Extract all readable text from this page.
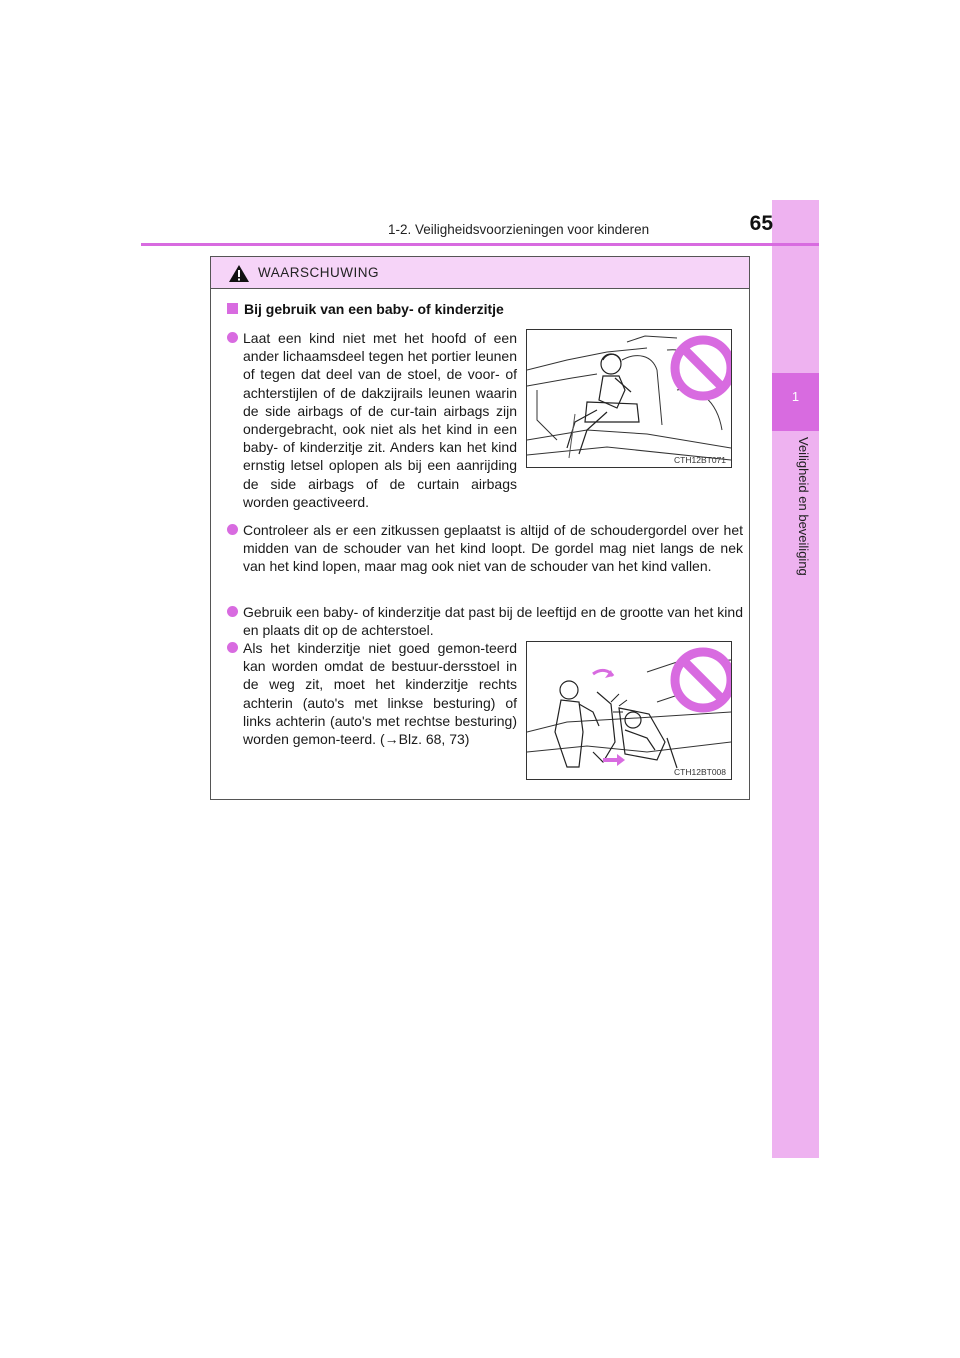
1
Veiligheid en beveiliging
1-2. Veiligheidsvoorzieningen voor kinderen	65
WAARSCHUWING
Bij gebruik van een baby- of kinderzitje
Laat een kind niet met het hoofd of een ander lichaamsdeel tegen het portier leunen of tegen dat deel van de stoel, de voor- of achterstijlen of de dakzijrails leunen waarin de side airbags of de cur-tain airbags zijn ondergebracht, ook niet als het kind in een baby- of kinderzitje zit. Anders kan het kind ernstig letsel oplopen als bij een aanrijding de side airbags of de curtain airbags worden geactiveerd.
CTH12BT071
Controleer als er een zitkussen geplaatst is altijd of de schoudergordel over het midden van de schouder van het kind loopt. De gordel mag niet langs de nek van het kind lopen, maar mag ook niet van de schouder van het kind vallen.
Gebruik een baby- of kinderzitje dat past bij de leeftijd en de grootte van het kind en plaats dit op de achterstoel.
Als het kinderzitje niet goed gemon-teerd kan worden omdat de bestuur-dersstoel in de weg zit, moet het kinderzitje rechts achterin (auto's met linkse besturing) of links achterin (auto's met rechtse besturing) worden gemon-teerd. (→Blz. 68, 73)
CTH12BT008
